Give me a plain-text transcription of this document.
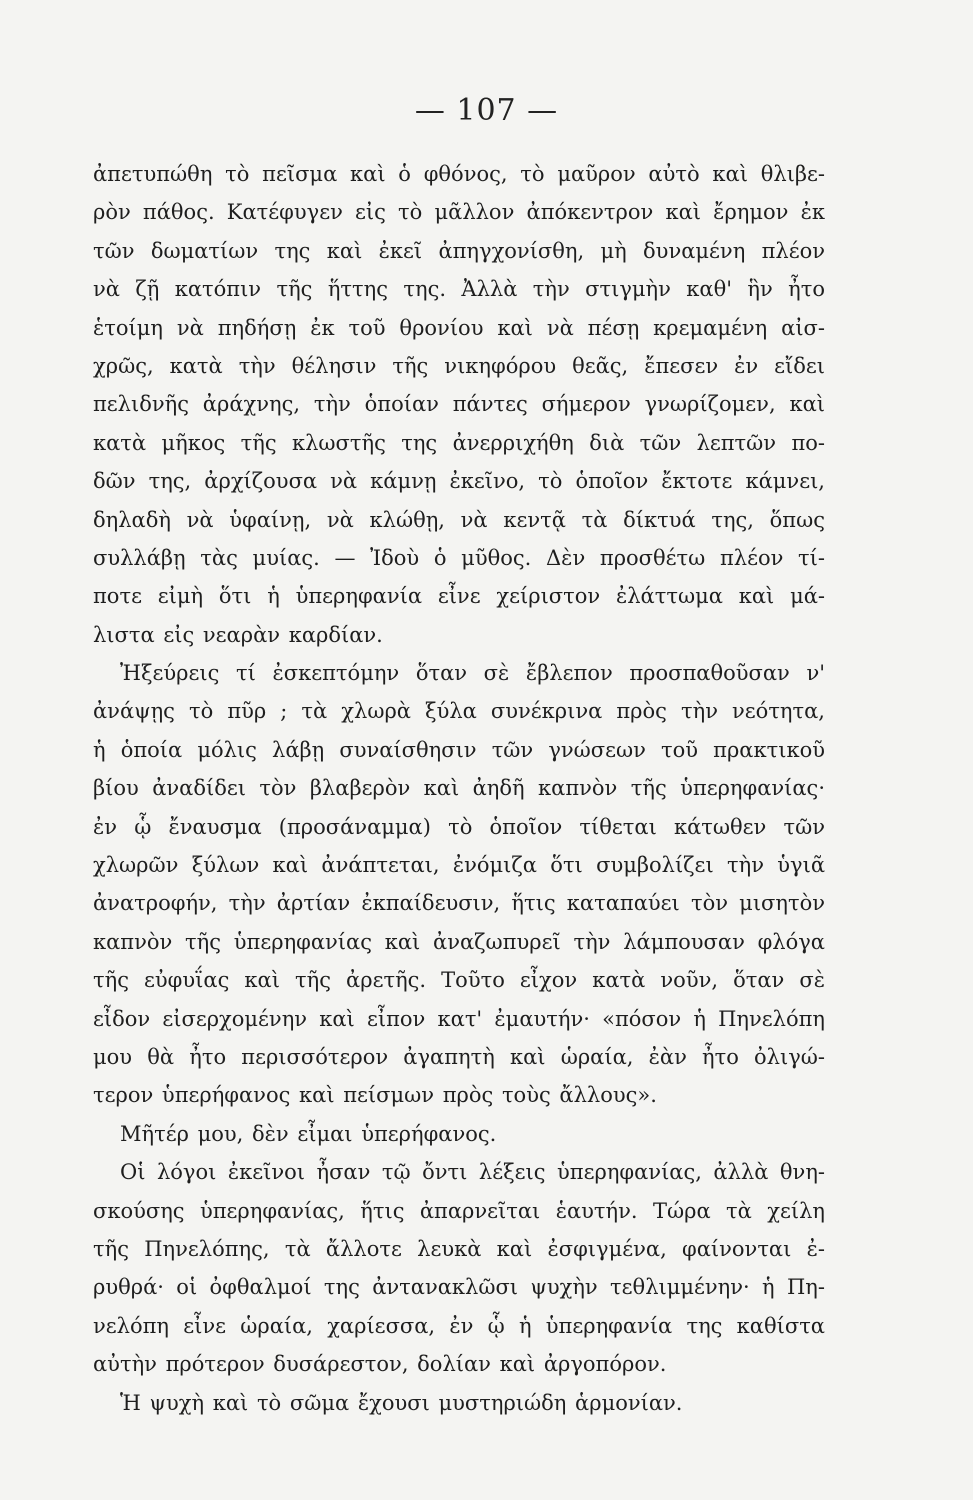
— 107 —
ἀπετυπώθη τὸ πεῖσμα καὶ ὁ φθόνος, τὸ μαῦρον αὐτὸ καὶ θλιβε-
ρὸν πάθος. Κατέφυγεν εἰς τὸ μᾶλλον ἀπόκεντρον καὶ ἔρημον ἐκ
τῶν δωματίων της καὶ ἐκεῖ ἀπηγχονίσθη, μὴ δυναμένη πλέον
νὰ ζῇ κατόπιν τῆς ἥττης της. Ἀλλὰ τὴν στιγμὴν καθ' ἣν ἦτο
ἑτοίμη νὰ πηδήσῃ ἐκ τοῦ θρονίου καὶ νὰ πέσῃ κρεμαμένη αἰσ-
χρῶς, κατὰ τὴν θέλησιν τῆς νικηφόρου θεᾶς, ἔπεσεν ἐν εἴδει
πελιδνῆς ἀράχνης, τὴν ὁποίαν πάντες σήμερον γνωρίζομεν, καὶ
κατὰ μῆκος τῆς κλωστῆς της ἀνερριχήθη διὰ τῶν λεπτῶν πο-
δῶν της, ἀρχίζουσα νὰ κάμνῃ ἐκεῖνο, τὸ ὁποῖον ἔκτοτε κάμνει,
δηλαδὴ νὰ ὑφαίνῃ, νὰ κλώθῃ, νὰ κεντᾷ τὰ δίκτυά της, ὅπως
συλλάβῃ τὰς μυίας. — Ἰδοὺ ὁ μῦθος. Δὲν προσθέτω πλέον τί-
ποτε εἰμὴ ὅτι ἡ ὑπερηφανία εἶνε χείριστον ἐλάττωμα καὶ μά-
λιστα εἰς νεαρὰν καρδίαν.
Ἠξεύρεις τί ἐσκεπτόμην ὅταν σὲ ἔβλεπον προσπαθοῦσαν ν'
ἀνάψῃς τὸ πῦρ ; τὰ χλωρὰ ξύλα συνέκρινα πρὸς τὴν νεότητα,
ἡ ὁποία μόλις λάβῃ συναίσθησιν τῶν γνώσεων τοῦ πρακτικοῦ
βίου ἀναδίδει τὸν βλαβερὸν καὶ ἀηδῆ καπνὸν τῆς ὑπερηφανίας·
ἐν ᾧ ἔναυσμα (προσάναμμα) τὸ ὁποῖον τίθεται κάτωθεν τῶν
χλωρῶν ξύλων καὶ ἀνάπτεται, ἐνόμιζα ὅτι συμβολίζει τὴν ὑγιᾶ
ἀνατροφήν, τὴν ἀρτίαν ἐκπαίδευσιν, ἥτις καταπαύει τὸν μισητὸν
καπνὸν τῆς ὑπερηφανίας καὶ ἀναζωπυρεῖ τὴν λάμπουσαν φλόγα
τῆς εὐφυΐας καὶ τῆς ἀρετῆς. Τοῦτο εἶχον κατὰ νοῦν, ὅταν σὲ
εἶδον εἰσερχομένην καὶ εἶπον κατ' ἐμαυτήν· «πόσον ἡ Πηνελόπη
μου θὰ ἦτο περισσότερον ἀγαπητὴ καὶ ὡραία, ἐὰν ἦτο ὀλιγώ-
τερον ὑπερήφανος καὶ πείσμων πρὸς τοὺς ἄλλους».
Μῆτέρ μου, δὲν εἶμαι ὑπερήφανος.
Οἱ λόγοι ἐκεῖνοι ἦσαν τῷ ὄντι λέξεις ὑπερηφανίας, ἀλλὰ θνη-
σκούσης ὑπερηφανίας, ἥτις ἀπαρνεῖται ἑαυτήν. Τώρα τὰ χείλη
τῆς Πηνελόπης, τὰ ἄλλοτε λευκὰ καὶ ἐσφιγμένα, φαίνονται ἐ-
ρυθρά· οἱ ὀφθαλμοί της ἀντανακλῶσι ψυχὴν τεθλιμμένην· ἡ Πη-
νελόπη εἶνε ὡραία, χαρίεσσα, ἐν ᾧ ἡ ὑπερηφανία της καθίστα
αὐτὴν πρότερον δυσάρεστον, δολίαν καὶ ἀργοπόρον.
Ἡ ψυχὴ καὶ τὸ σῶμα ἔχουσι μυστηριώδη ἁρμονίαν.
